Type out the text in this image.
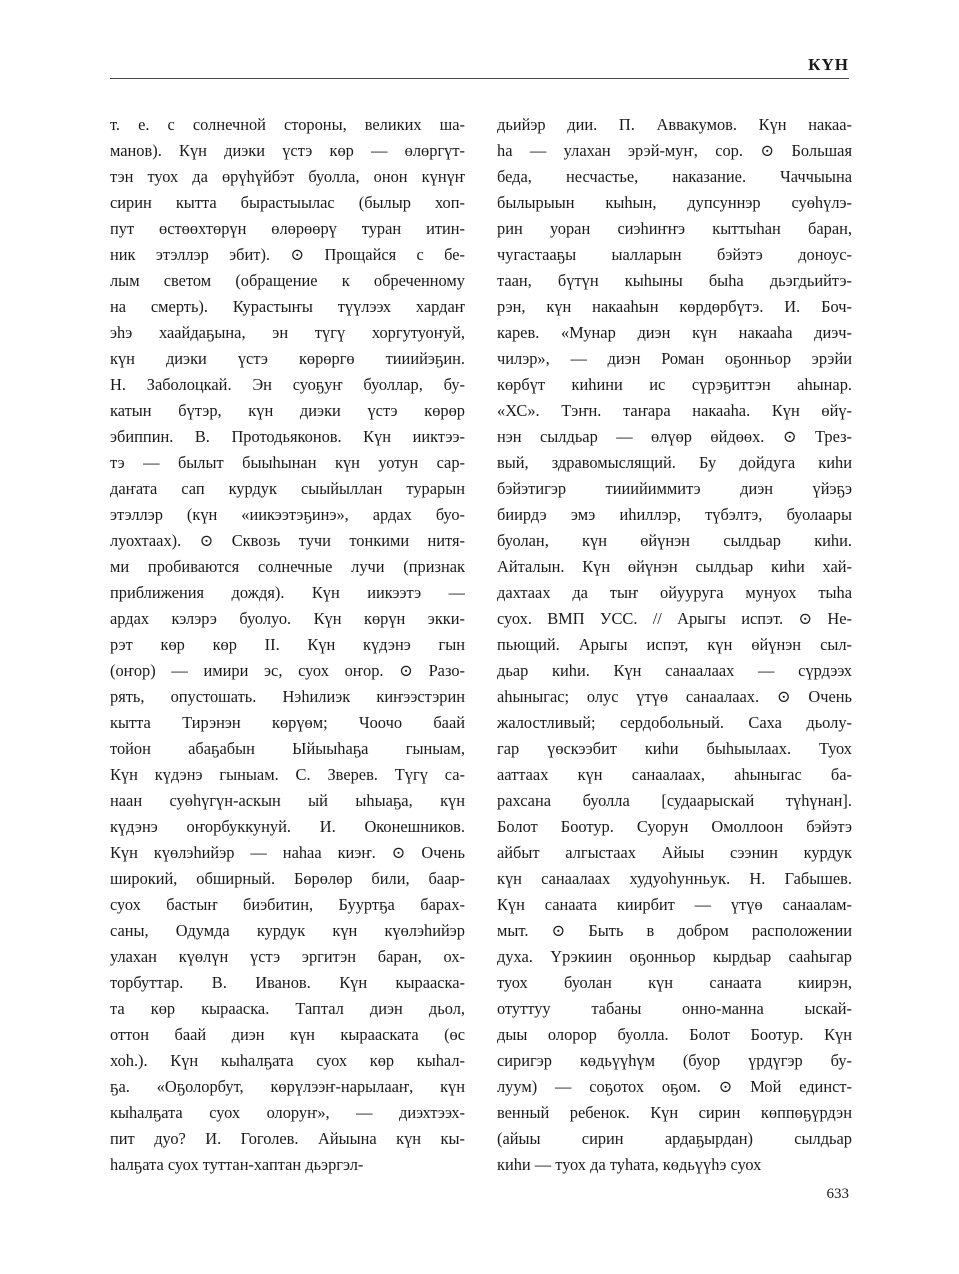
КҮН
т. е. с солнечной стороны, великих ша-
манов). Күн диэки үстэ көр — өлөргүт-
тэн туох да өрүһүйбэт буолла, онон күнүҥ
сирин кытта быраcтыылас (былыр хоп-
пут өстөөхтөрүн өлөрөөрү туран итин-
ник этэллэр эбит). ⊙ Прощайся с бе-
лым светом (обращение к обреченному
на смерть). Кураcтыҥы түүлээх хардаҥ
эһэ хаайдаҕына, эн түгү хоргутуоҥуй,
күн диэки үстэ көрөргө тииийэҕин.
Н. Заболоцкай. Эн суоҕуҥ буоллар, бу-
катын бүтэр, күн диэки үстэ көрөр
эбиппин. В. Протодьяконов. Күн ииктээ-
тэ — былыт быыһынан күн уотун сар-
даҥата сап курдук сыыйыллан турарын
этэллэр (күн «иикээтэҕинэ», ардах буо-
луохтаах). ⊙ Сквозь тучи тонкими нитя-
ми пробиваются солнечные лучи (признак
приближения дождя). Күн иикээтэ —
ардах кэлэрэ буолуо. Күн көрүн экки-
рэт көр көр II. Күн күдэнэ гын
(оҥор) — имири эс, суох оҥор. ⊙ Разо-
рять, опустошать. Нэһилиэк киҥээстэрин
кытта Тирэнэн көрүөм; Чоочо баай
тойон абаҕабын Ыйыыһаҕа гыныам,
Күн күдэнэ гыныам. С. Зверев. Түгү са-
наан суөһүгүн-аскын ый ыһыаҕа, күн
күдэнэ оҥорбуккунуй. И. Оконешников.
Күн күөлэһийэр — наһаа киэҥ. ⊙ Очень
широкий, обширный. Бөрөлөр били, баар-
суох бастыҥ биэбитин, Бууртҕа барах-
саны, Одумда курдук күн күөлэһийэр
улахан күөлүн үстэ эргитэн баран, ох-
торбуттар. В. Иванов. Күн кырааска-
та көр кырааска. Таптал диэн дьол,
оттон баай диэн күн кырааската (өс
хоһ.). Күн кыһалҕата суох көр кыһал-
ҕа. «Оҕолорбут, көрүлээҥ-нарылааҥ, күн
кыһалҕата суох олоруҥ», — диэхтээх-
пит дуо? И. Гоголев. Айыына күн кы-
һалҕата суох туттан-хаптан дьэргэл-
дьийэр дии. П. Аввакумов. Күн накаа-
һа — улахан эрэй-муҥ, сор. ⊙ Большая
беда, несчастье, наказание. Чаччыына
былырыын кыһын, дупсуннэр суөһүлэ-
рин уоран сиэһиҥҥэ кыттыһан баран,
чугастааҕы ыалларын бэйэтэ доноус-
таан, бүтүн кыһыны быһа дьэгдьийтэ-
рэн, күн накааһын көрдөрбүтэ. И. Боч-
карев. «Мунар диэн күн накааһа диэч-
чилэр», — диэн Роман оҕонньор эрэйи
көрбүт киһини ис сүрэҕиттэн аһынар.
«ХС». Тэҥн. таҥара накааһа. Күн өйү-
нэн сылдьар — өлүөр өйдөөх. ⊙ Трез-
вый, здравомыслящий. Бу дойдуга киһи
бэйэтигэр тииийиммитэ диэн үйэҕэ
биирдэ эмэ иһиллэр, түбэлтэ, буолаары
буолан, күн өйүнэн сылдьар киһи.
Айталын. Күн өйүнэн сылдьар киһи хай-
дахтаах да тыҥ ойууруга мунуох тыһа
суох. ВМП УСС. // Арыгы испэт. ⊙ Не-
пьющий. Арыгы испэт, күн өйүнэн сыл-
дьар киһи. Күн санаалаах — сүрдээх
аһыныгас; олус үтүө санаалаах. ⊙ Очень
жалостливый; сердобольный. Саха дьолу-
гар үөскээбит киһи быһыылаах. Туох
ааттаах күн санаалаах, аһыныгас ба-
рахсана буолла [судаарыскай түһүнан].
Болот Боотур. Суорун Омоллоон бэйэтэ
айбыт алгыстаах Айыы сээнин курдук
күн санаалаах худуоһунньук. Н. Габышев.
Күн санаата киирбит — үтүө санаалам-
мыт. ⊙ Быть в добром расположении
духа. Үрэкиин оҕонньор кырдьар сааһыгар
туох буолан күн санаата киирэн,
отуттуу табаны онно-манна ыскай-
дыы олорор буолла. Болот Боотур. Күн
сиригэр көдьүүһүм (буор үрдүгэр бу-
луум) — соҕотох оҕом. ⊙ Мой единст-
венный ребенок. Күн сирин көппөҕүрдэн
(айыы сирин ардаҕырдан) сылдьар
киһи — туох да туһата, көдьүүһэ суох
633
